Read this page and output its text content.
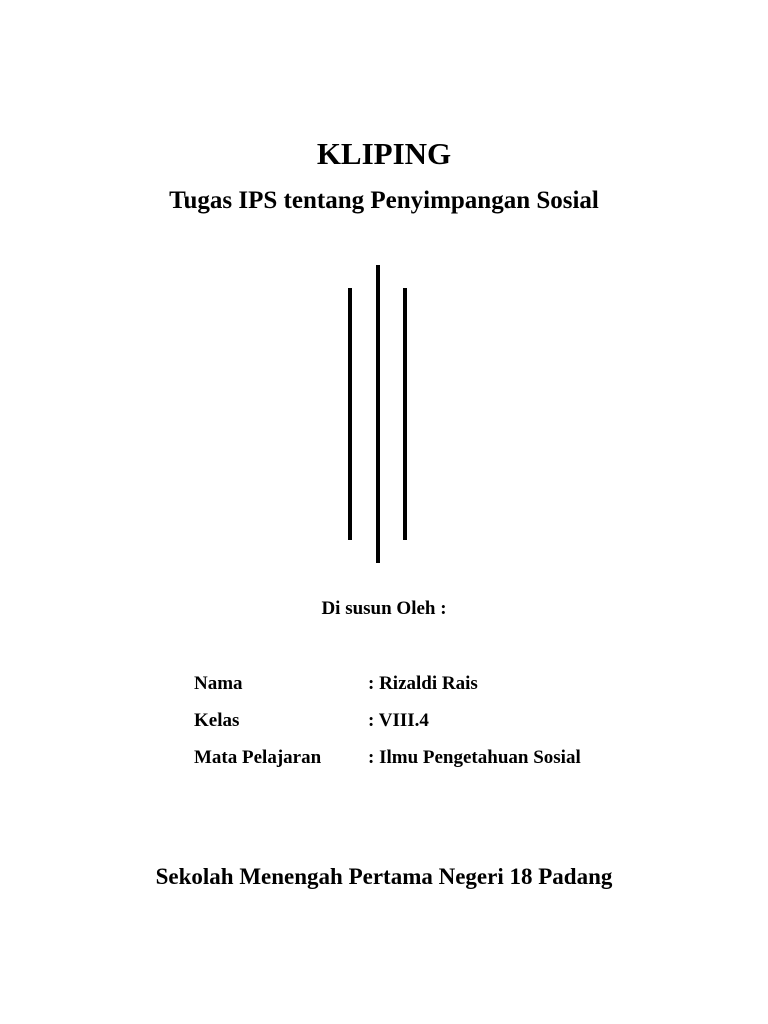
KLIPING
Tugas IPS tentang Penyimpangan Sosial
Di susun Oleh :
Nama	: Rizaldi Rais
Kelas	: VIII.4
Mata Pelajaran	: Ilmu Pengetahuan Sosial
Sekolah Menengah Pertama Negeri 18 Padang
